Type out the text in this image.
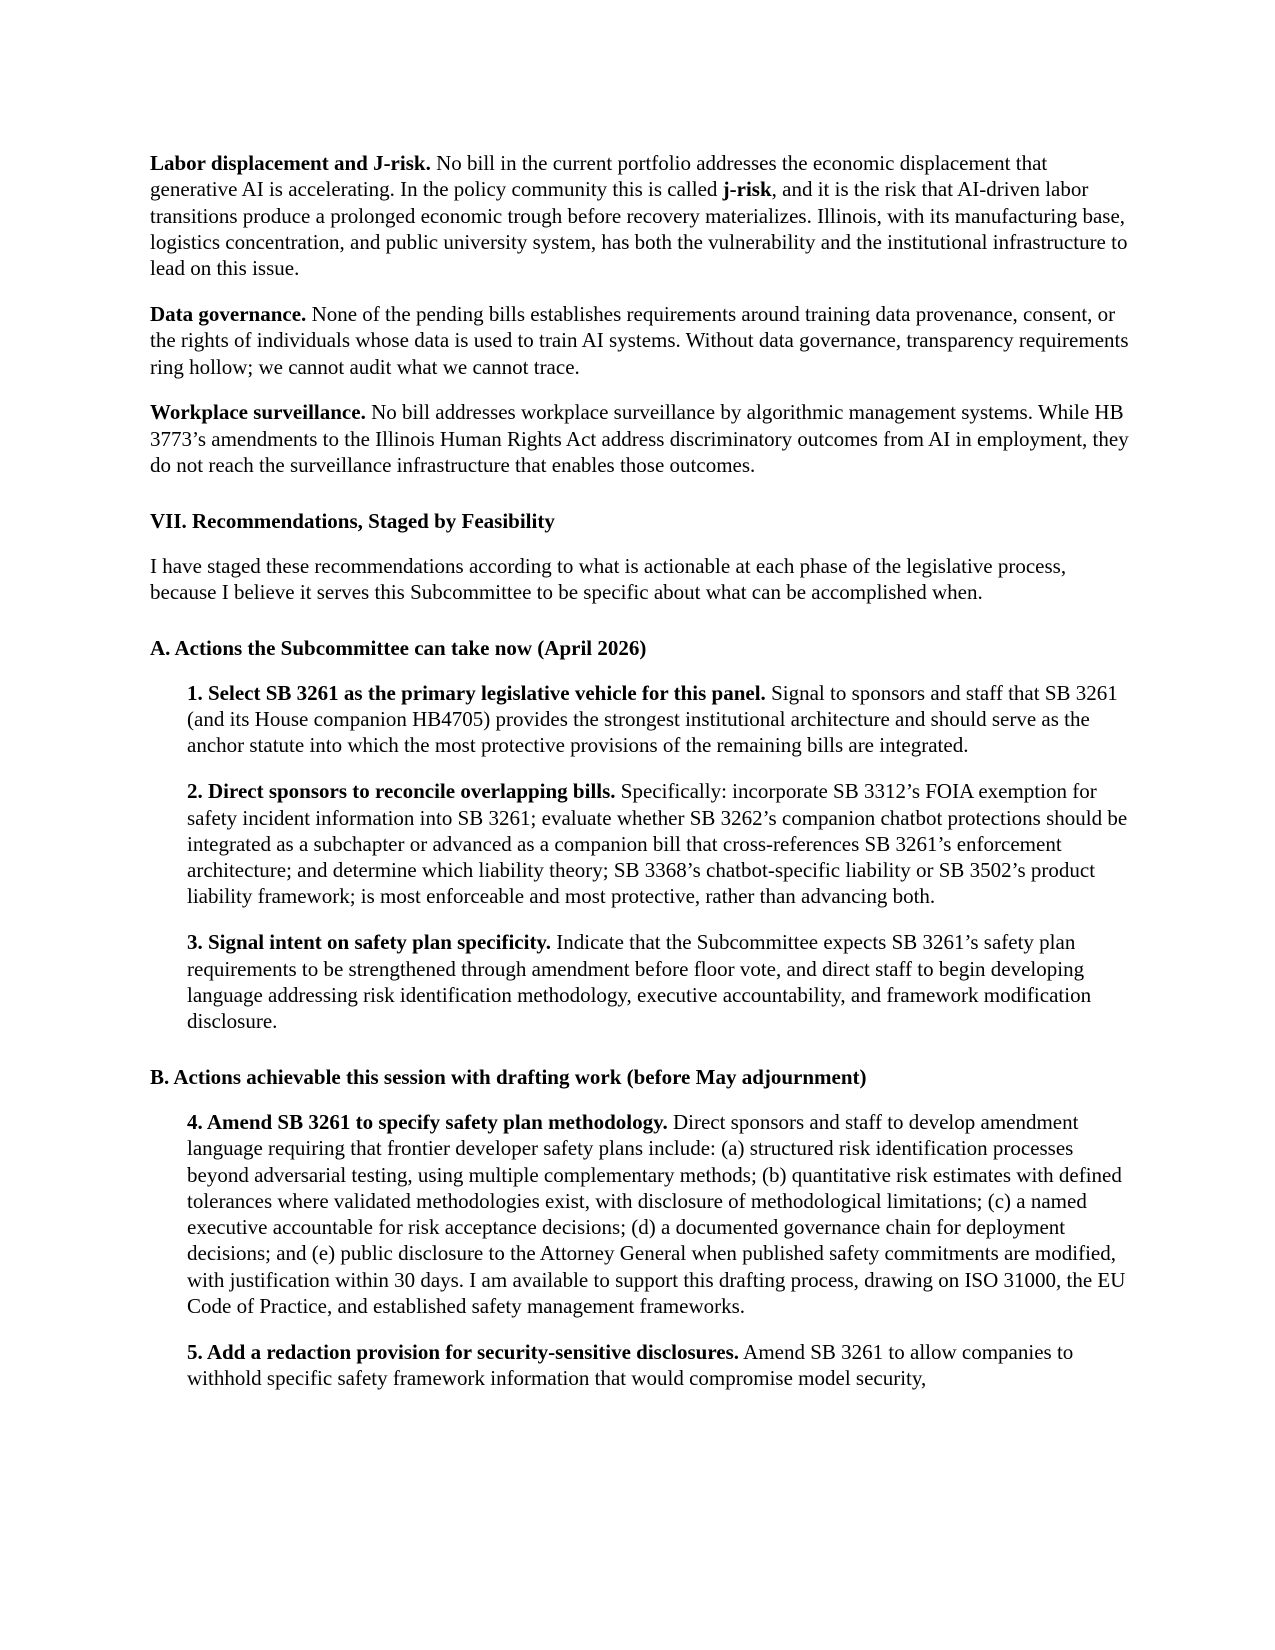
Labor displacement and J-risk. No bill in the current portfolio addresses the economic displacement that generative AI is accelerating. In the policy community this is called j-risk, and it is the risk that AI-driven labor transitions produce a prolonged economic trough before recovery materializes. Illinois, with its manufacturing base, logistics concentration, and public university system, has both the vulnerability and the institutional infrastructure to lead on this issue.

Data governance. None of the pending bills establishes requirements around training data provenance, consent, or the rights of individuals whose data is used to train AI systems. Without data governance, transparency requirements ring hollow; we cannot audit what we cannot trace.

Workplace surveillance. No bill addresses workplace surveillance by algorithmic management systems. While HB 3773’s amendments to the Illinois Human Rights Act address discriminatory outcomes from AI in employment, they do not reach the surveillance infrastructure that enables those outcomes.

VII. Recommendations, Staged by Feasibility

I have staged these recommendations according to what is actionable at each phase of the legislative process, because I believe it serves this Subcommittee to be specific about what can be accomplished when.

A. Actions the Subcommittee can take now (April 2026)

1. Select SB 3261 as the primary legislative vehicle for this panel. Signal to sponsors and staff that SB 3261 (and its House companion HB4705) provides the strongest institutional architecture and should serve as the anchor statute into which the most protective provisions of the remaining bills are integrated.

2. Direct sponsors to reconcile overlapping bills. Specifically: incorporate SB 3312’s FOIA exemption for safety incident information into SB 3261; evaluate whether SB 3262’s companion chatbot protections should be integrated as a subchapter or advanced as a companion bill that cross-references SB 3261’s enforcement architecture; and determine which liability theory; SB 3368’s chatbot-specific liability or SB 3502’s product liability framework; is most enforceable and most protective, rather than advancing both.

3. Signal intent on safety plan specificity. Indicate that the Subcommittee expects SB 3261’s safety plan requirements to be strengthened through amendment before floor vote, and direct staff to begin developing language addressing risk identification methodology, executive accountability, and framework modification disclosure.

B. Actions achievable this session with drafting work (before May adjournment)

4. Amend SB 3261 to specify safety plan methodology. Direct sponsors and staff to develop amendment language requiring that frontier developer safety plans include: (a) structured risk identification processes beyond adversarial testing, using multiple complementary methods; (b) quantitative risk estimates with defined tolerances where validated methodologies exist, with disclosure of methodological limitations; (c) a named executive accountable for risk acceptance decisions; (d) a documented governance chain for deployment decisions; and (e) public disclosure to the Attorney General when published safety commitments are modified, with justification within 30 days. I am available to support this drafting process, drawing on ISO 31000, the EU Code of Practice, and established safety management frameworks.

5. Add a redaction provision for security-sensitive disclosures. Amend SB 3261 to allow companies to withhold specific safety framework information that would compromise model security,
